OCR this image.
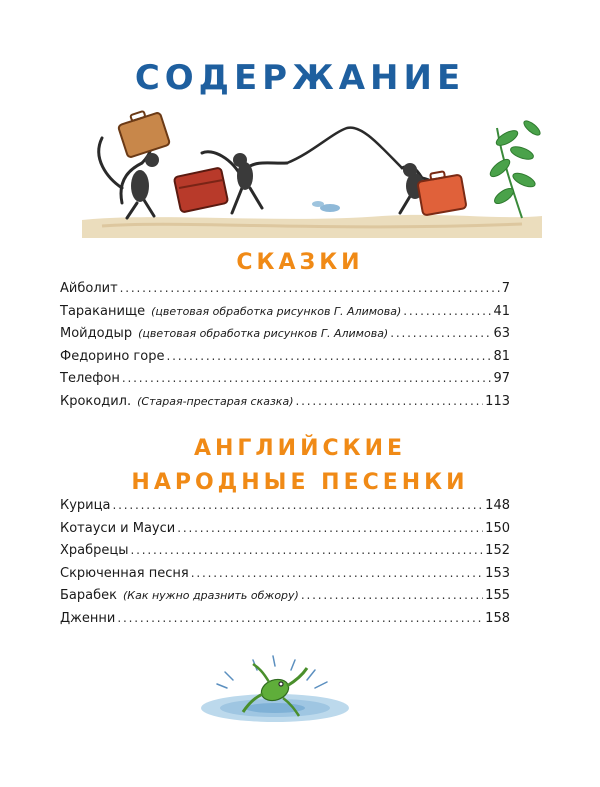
СОДЕРЖАНИЕ
СКАЗКИ
Айболит . . .	7
Тараканище (цветовая обработка рисунков Г. Алимова) . . .	41
Мойдодыр (цветовая обработка рисунков Г. Алимова) . . .	63
Федорино горе . . .	81
Телефон . . .	97
Крокодил. (Старая-престарая сказка) . . .	113
АНГЛИЙСКИЕ
НАРОДНЫЕ ПЕСЕНКИ
Курица . . .	148
Котауси и Мауси . . .	150
Храбрецы . . .	152
Скрюченная песня . . .	153
Барабек (Как нужно дразнить обжору) . . .	155
Дженни . . .	158
